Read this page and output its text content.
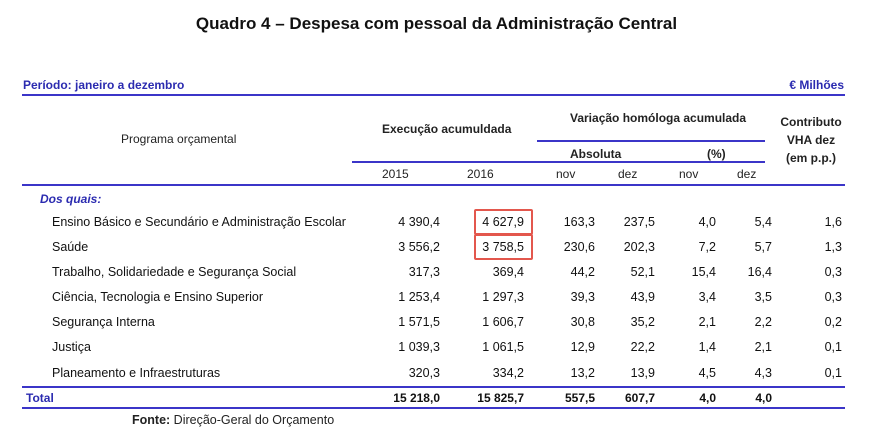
Quadro 4 – Despesa com pessoal da Administração Central
Período: janeiro a dezembro	€ Milhões
Programa orçamental
Execução acumuldada
Variação homóloga acumulada	Contributo
VHA dez
(em p.p.)
Absoluta	(%)
2015	2016	nov	dez	nov	dez
Dos quais:
Ensino Básico e Secundário e Administração Escolar	4 390,4	4 627,9	163,3	237,5	4,0	5,4	1,6
Saúde	3 556,2	3 758,5	230,6	202,3	7,2	5,7	1,3
Trabalho, Solidariedade e Segurança Social	317,3	369,4	44,2	52,1	15,4	16,4	0,3
Ciência, Tecnologia e Ensino Superior	1 253,4	1 297,3	39,3	43,9	3,4	3,5	0,3
Segurança Interna	1 571,5	1 606,7	30,8	35,2	2,1	2,2	0,2
Justiça	1 039,3	1 061,5	12,9	22,2	1,4	2,1	0,1
Planeamento e Infraestruturas	320,3	334,2	13,2	13,9	4,5	4,3	0,1
Total	15 218,0	15 825,7	557,5	607,7	4,0	4,0
Fonte: Direção-Geral do Orçamento
